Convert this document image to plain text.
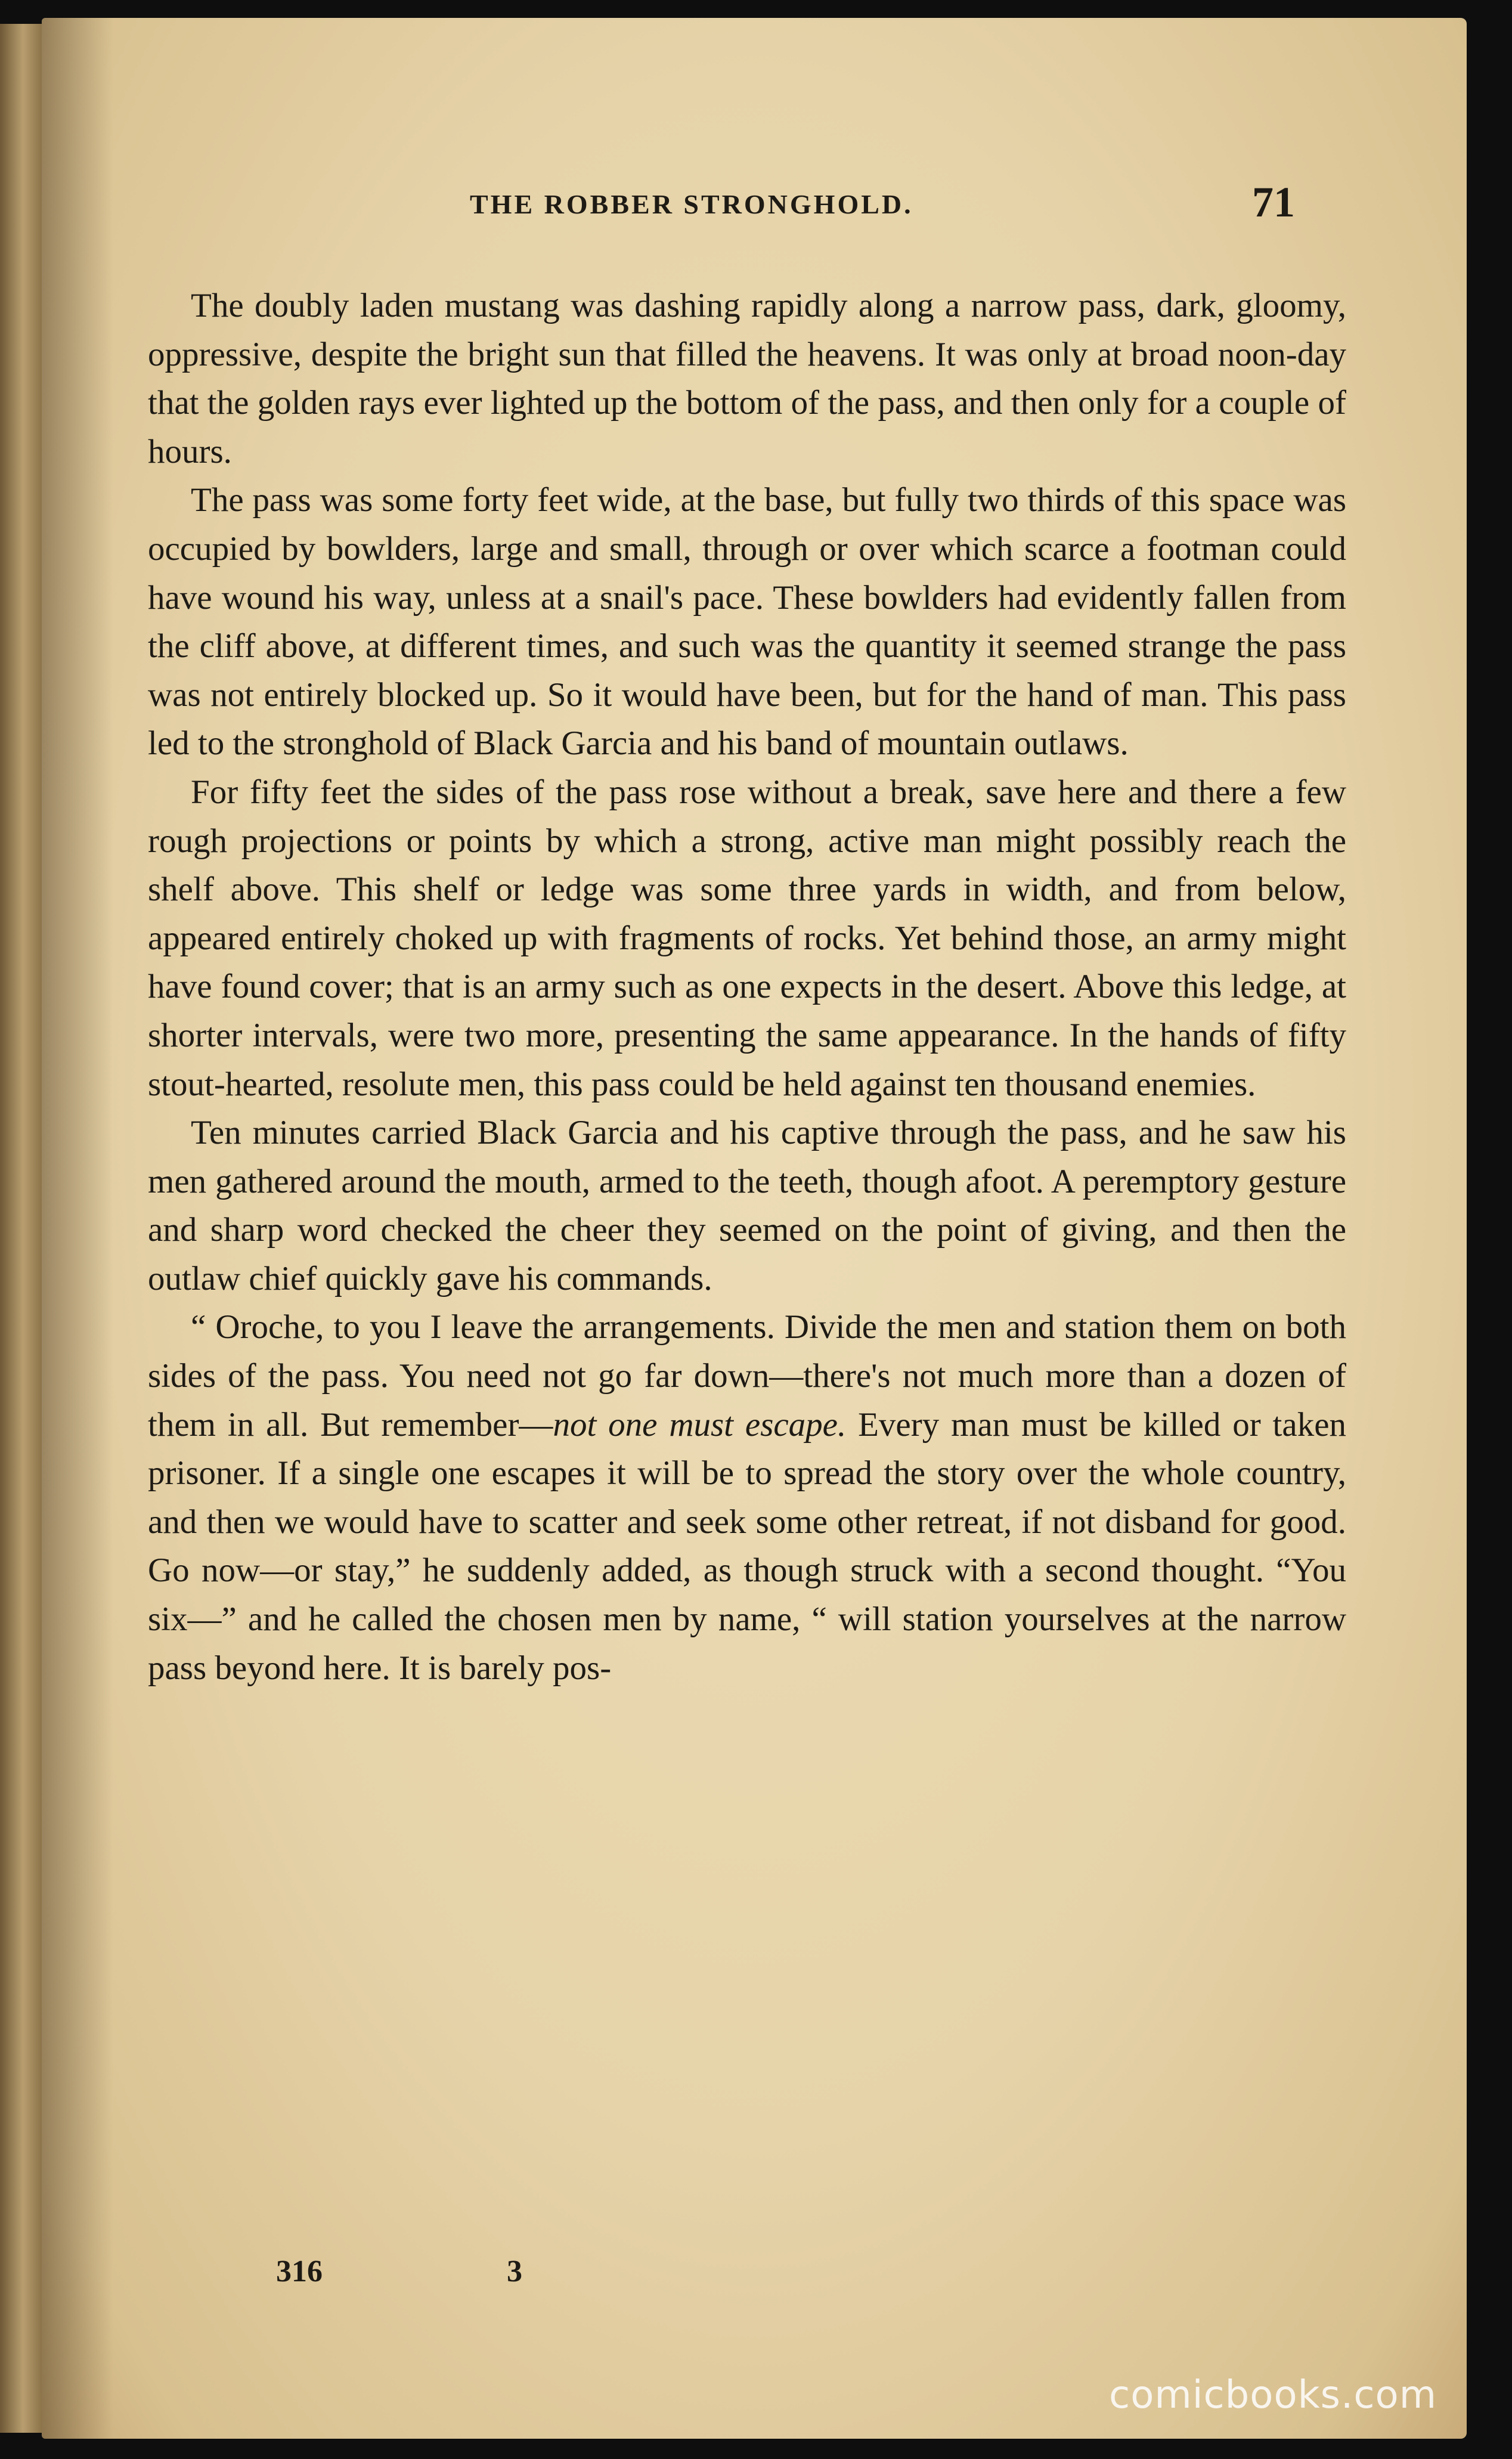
THE ROBBER STRONGHOLD.	71

The doubly laden mustang was dashing rapidly along a narrow pass, dark, gloomy, oppressive, despite the bright sun that filled the heavens. It was only at broad noon-day that the golden rays ever lighted up the bottom of the pass, and then only for a couple of hours.

The pass was some forty feet wide, at the base, but fully two thirds of this space was occupied by bowlders, large and small, through or over which scarce a footman could have wound his way, unless at a snail's pace. These bowlders had evidently fallen from the cliff above, at different times, and such was the quantity it seemed strange the pass was not entirely blocked up. So it would have been, but for the hand of man. This pass led to the stronghold of Black Garcia and his band of mountain outlaws.

For fifty feet the sides of the pass rose without a break, save here and there a few rough projections or points by which a strong, active man might possibly reach the shelf above. This shelf or ledge was some three yards in width, and from below, appeared entirely choked up with fragments of rocks. Yet behind those, an army might have found cover; that is an army such as one expects in the desert. Above this ledge, at shorter intervals, were two more, presenting the same appearance. In the hands of fifty stout-hearted, resolute men, this pass could be held against ten thousand enemies.

Ten minutes carried Black Garcia and his captive through the pass, and he saw his men gathered around the mouth, armed to the teeth, though afoot. A peremptory gesture and sharp word checked the cheer they seemed on the point of giving, and then the outlaw chief quickly gave his commands.

“ Oroche, to you I leave the arrangements. Divide the men and station them on both sides of the pass. You need not go far down—there's not much more than a dozen of them in all. But remember—not one must escape. Every man must be killed or taken prisoner. If a single one escapes it will be to spread the story over the whole country, and then we would have to scatter and seek some other retreat, if not disband for good. Go now—or stay,” he suddenly added, as though struck with a second thought. “You six—” and he called the chosen men by name, “ will station yourselves at the narrow pass beyond here. It is barely pos-

316	3
comicbooks.com
